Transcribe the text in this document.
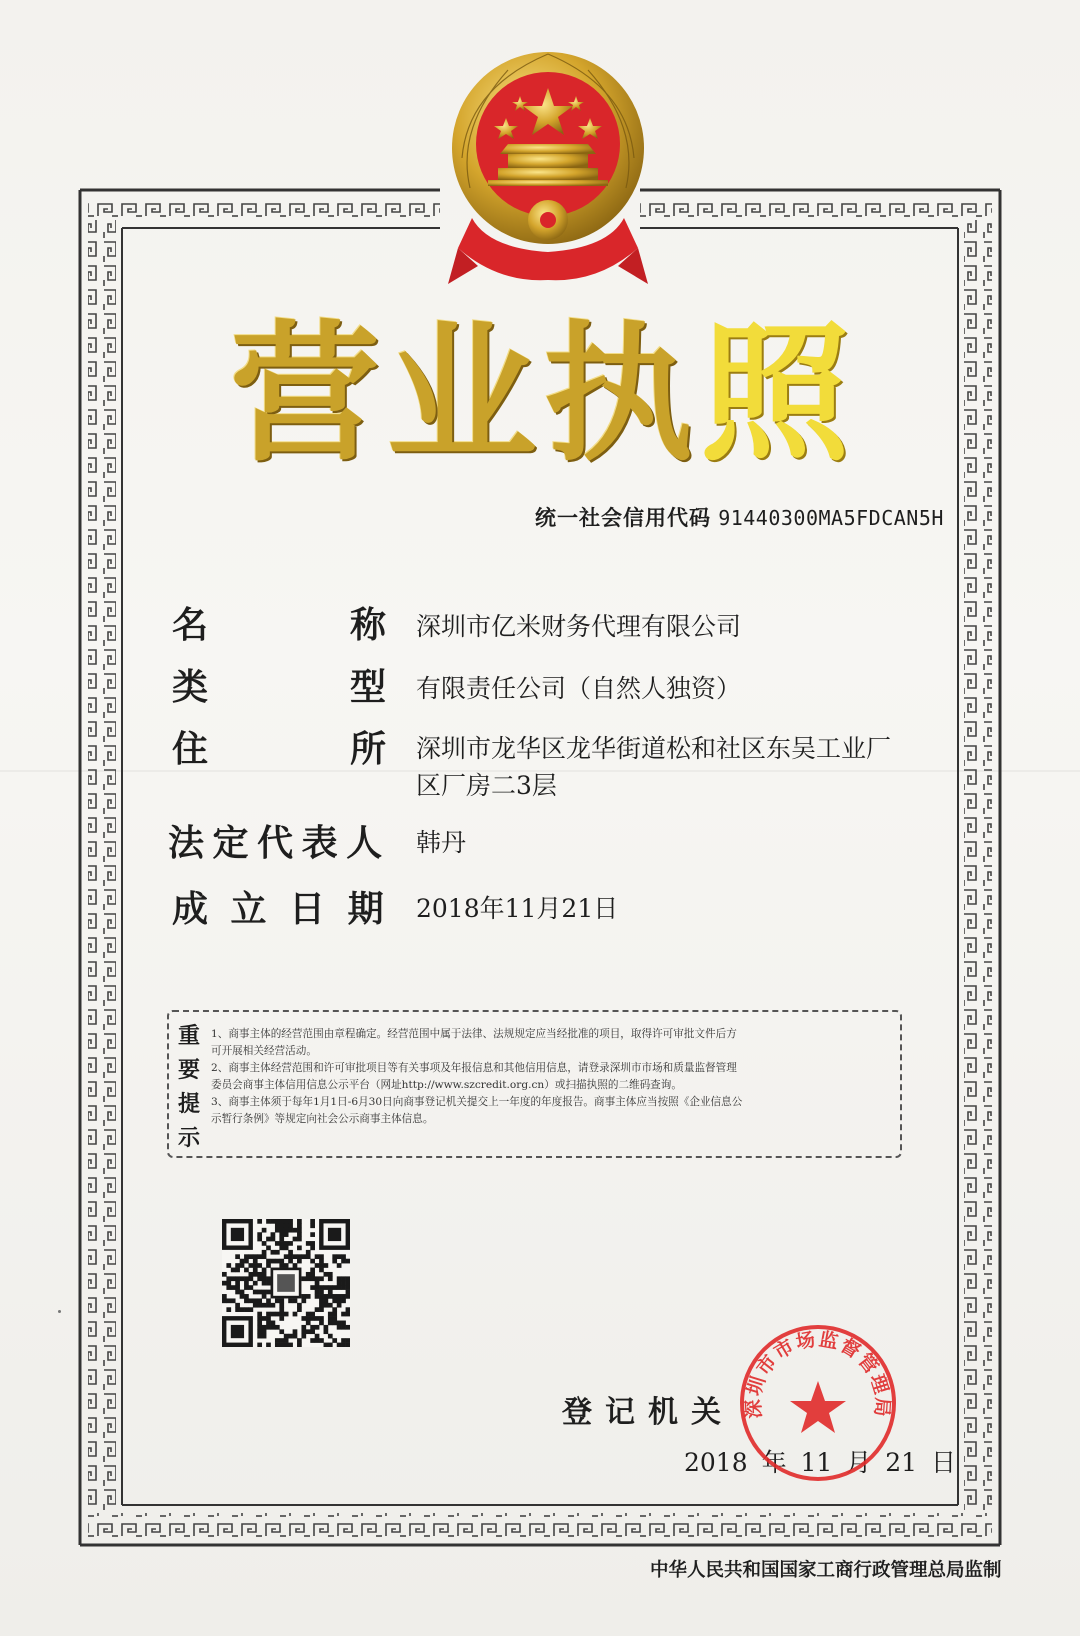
营 业 执 照
统一社会信用代码 91440300MA5FDCAN5H
名	称 深圳市亿米财务代理有限公司
类	型 有限责任公司（自然人独资）
住	所 深圳市龙华区龙华街道松和社区东吴工业厂
区厂房二3层
法 定 代 表 人 韩丹
成 立 日 期 2018年11月21日
重
要
提
示
1、商事主体的经营范围由章程确定。经营范围中属于法律、法规规定应当经批准的项目，取得许可审批文件后方
可开展相关经营活动。
2、商事主体经营范围和许可审批项目等有关事项及年报信息和其他信用信息，请登录深圳市市场和质量监督管理
委员会商事主体信用信息公示平台（网址http://www.szcredit.org.cn）或扫描执照的二维码查询。
3、商事主体须于每年1月1日-6月30日向商事登记机关提交上一年度的年度报告。商事主体应当按照《企业信息公
示暂行条例》等规定向社会公示商事主体信息。
登记机关
2018 年 11 月 21 日
深圳市市场监督管理局
中华人民共和国国家工商行政管理总局监制
